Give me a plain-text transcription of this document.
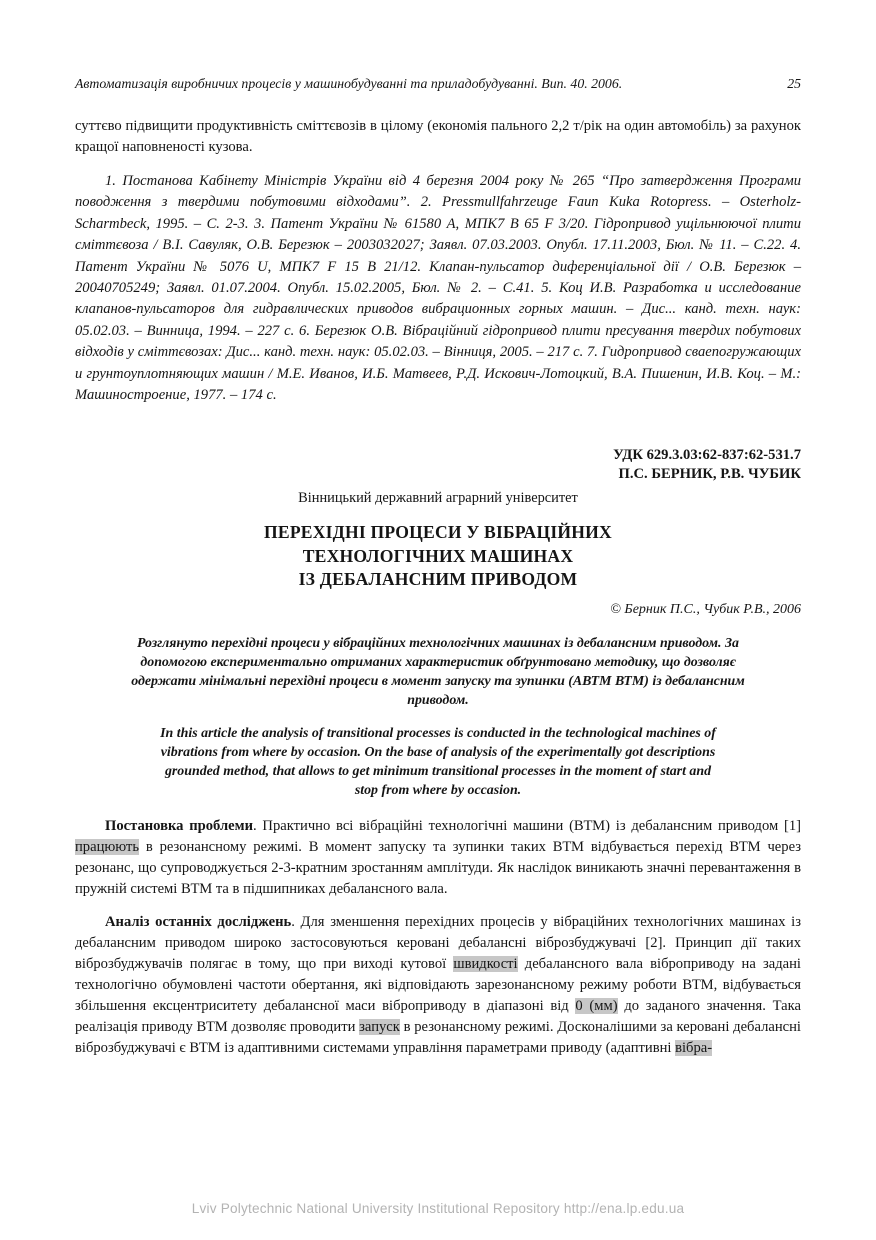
Автоматизація виробничих процесів у машинобудуванні та приладобудуванні. Вип. 40. 2006.	25

суттєво підвищити продуктивність сміттєвозів в цілому (економія пального 2,2 т/рік на один автомобіль) за рахунок кращої наповненості кузова.

1. Постанова Кабінету Міністрів України від 4 березня 2004 року № 265 “Про затвердження Програми поводження з твердими побутовими відходами”. 2. Pressmullfahrzeuge Faun Kuka Rotopress. – Osterholz-Scharmbeck, 1995. – С. 2-3. 3. Патент України № 61580 А, МПК7 В 65 F 3/20. Гідропривод ущільнюючої плити сміттєвоза / В.І. Савуляк, О.В. Березюк – 2003032027; Заявл. 07.03.2003. Опубл. 17.11.2003, Бюл. № 11. – С.22. 4. Патент України № 5076 U, МПК7 F 15 В 21/12. Клапан-пульсатор диференціальної дії / О.В. Березюк – 20040705249; Заявл. 01.07.2004. Опубл. 15.02.2005, Бюл. № 2. – С.41. 5. Коц И.В. Разработка и исследование клапанов-пульсаторов для гидравлических приводов вибрационных горных машин. – Дис... канд. техн. наук: 05.02.03. – Винница, 1994. – 227 с. 6. Березюк О.В. Вібраційний гідропривод плити пресування твердих побутових відходів у сміттєвозах: Дис... канд. техн. наук: 05.02.03. – Вінниця, 2005. – 217 с. 7. Гидропривод сваепогружающих и грунтоуплотняющих машин / М.Е. Иванов, И.Б. Матвеев, Р.Д. Искович-Лотоцкий, В.А. Пишенин, И.В. Коц. – М.: Машиностроение, 1977. – 174 с.

УДК 629.3.03:62-837:62-531.7
П.С. БЕРНИК, Р.В. ЧУБИК
Вінницький державний аграрний університет
ПЕРЕХІДНІ ПРОЦЕСИ У ВІБРАЦІЙНИХ
ТЕХНОЛОГІЧНИХ МАШИНАХ
ІЗ ДЕБАЛАНСНИМ ПРИВОДОМ
© Берник П.С., Чубик Р.В., 2006

Розглянуто перехідні процеси у вібраційних технологічних машинах із дебалансним приводом. За допомогою експериментально отриманих характеристик обґрунтовано методику, що дозволяє одержати мінімальні перехідні процеси в момент запуску та зупинки (АВТМ ВТМ) із дебалансним приводом.

In this article the analysis of transitional processes is conducted in the technological machines of vibrations from where by occasion. On the base of analysis of the experimentally got descriptions grounded method, that allows to get minimum transitional processes in the moment of start and stop from where by occasion.

Постановка проблеми. Практично всі вібраційні технологічні машини (ВТМ) із дебалансним приводом [1] працюють в резонансному режимі. В момент запуску та зупинки таких ВТМ відбувається перехід ВТМ через резонанс, що супроводжується 2-3-кратним зростанням амплітуди. Як наслідок виникають значні перевантаження в пружній системі ВТМ та в підшипниках дебалансного вала.

Аналіз останніх досліджень. Для зменшення перехідних процесів у вібраційних технологічних машинах із дебалансним приводом широко застосовуються керовані дебалансні віброзбуджувачі [2]. Принцип дії таких віброзбуджувачів полягає в тому, що при виході кутової швидкості дебалансного вала віброприводу на задані технологічно обумовлені частоти обертання, які відповідають зарезонансному режиму роботи ВТМ, відбувається збільшення ексцентриситету дебалансної маси віброприводу в діапазоні від 0 (мм) до заданого значення. Така реалізація приводу ВТМ дозволяє проводити запуск в резонансному режимі. Досконалішими за керовані дебалансні віброзбуджувачі є ВТМ із адаптивними системами управління параметрами приводу (адаптивні вібра-

Lviv Polytechnic National University Institutional Repository http://ena.lp.edu.ua
